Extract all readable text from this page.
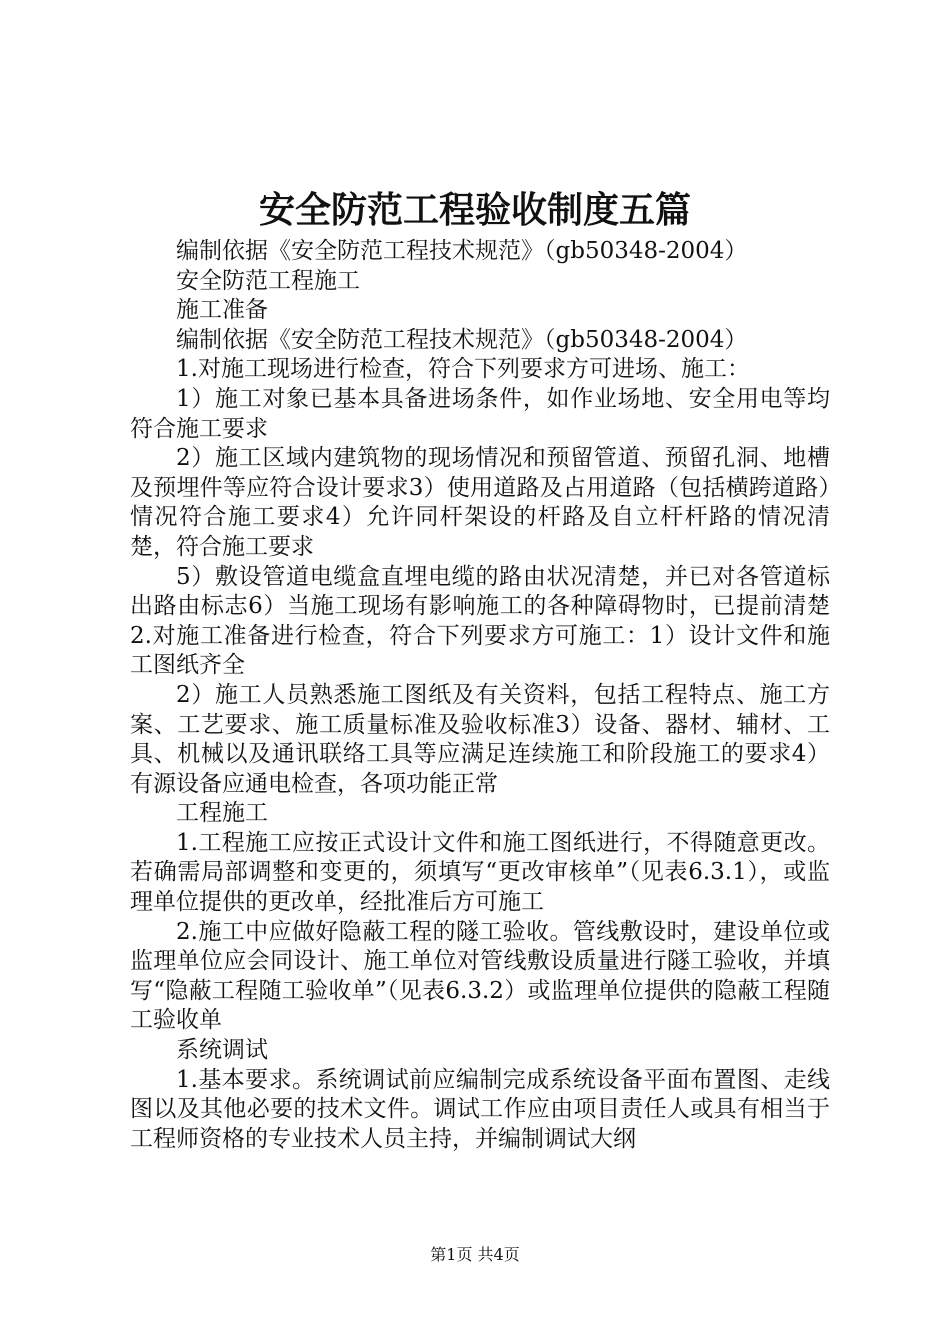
安全防范工程验收制度五篇

编制依据《安全防范工程技术规范》（gb50348-2004）

安全防范工程施工

施工准备

编制依据《安全防范工程技术规范》（gb50348-2004）

1.对施工现场进行检查，符合下列要求方可进场、施工：

1）施工对象已基本具备进场条件，如作业场地、安全用电等均符合施工要求

2）施工区域内建筑物的现场情况和预留管道、预留孔洞、地槽及预埋件等应符合设计要求3）使用道路及占用道路（包括横跨道路）情况符合施工要求4）允许同杆架设的杆路及自立杆杆路的情况清楚，符合施工要求

5）敷设管道电缆盒直埋电缆的路由状况清楚，并已对各管道标出路由标志6）当施工现场有影响施工的各种障碍物时，已提前清楚2.对施工准备进行检查，符合下列要求方可施工：1）设计文件和施工图纸齐全

2）施工人员熟悉施工图纸及有关资料，包括工程特点、施工方案、工艺要求、施工质量标准及验收标准3）设备、器材、辅材、工具、机械以及通讯联络工具等应满足连续施工和阶段施工的要求4）有源设备应通电检查，各项功能正常

工程施工

1.工程施工应按正式设计文件和施工图纸进行，不得随意更改。若确需局部调整和变更的，须填写“更改审核单”（见表6.3.1），或监理单位提供的更改单，经批准后方可施工

2.施工中应做好隐蔽工程的隧工验收。管线敷设时，建设单位或监理单位应会同设计、施工单位对管线敷设质量进行隧工验收，并填写“隐蔽工程随工验收单”（见表6.3.2）或监理单位提供的隐蔽工程随工验收单

系统调试

1.基本要求。系统调试前应编制完成系统设备平面布置图、走线图以及其他必要的技术文件。调试工作应由项目责任人或具有相当于工程师资格的专业技术人员主持，并编制调试大纲

第1页 共4页
